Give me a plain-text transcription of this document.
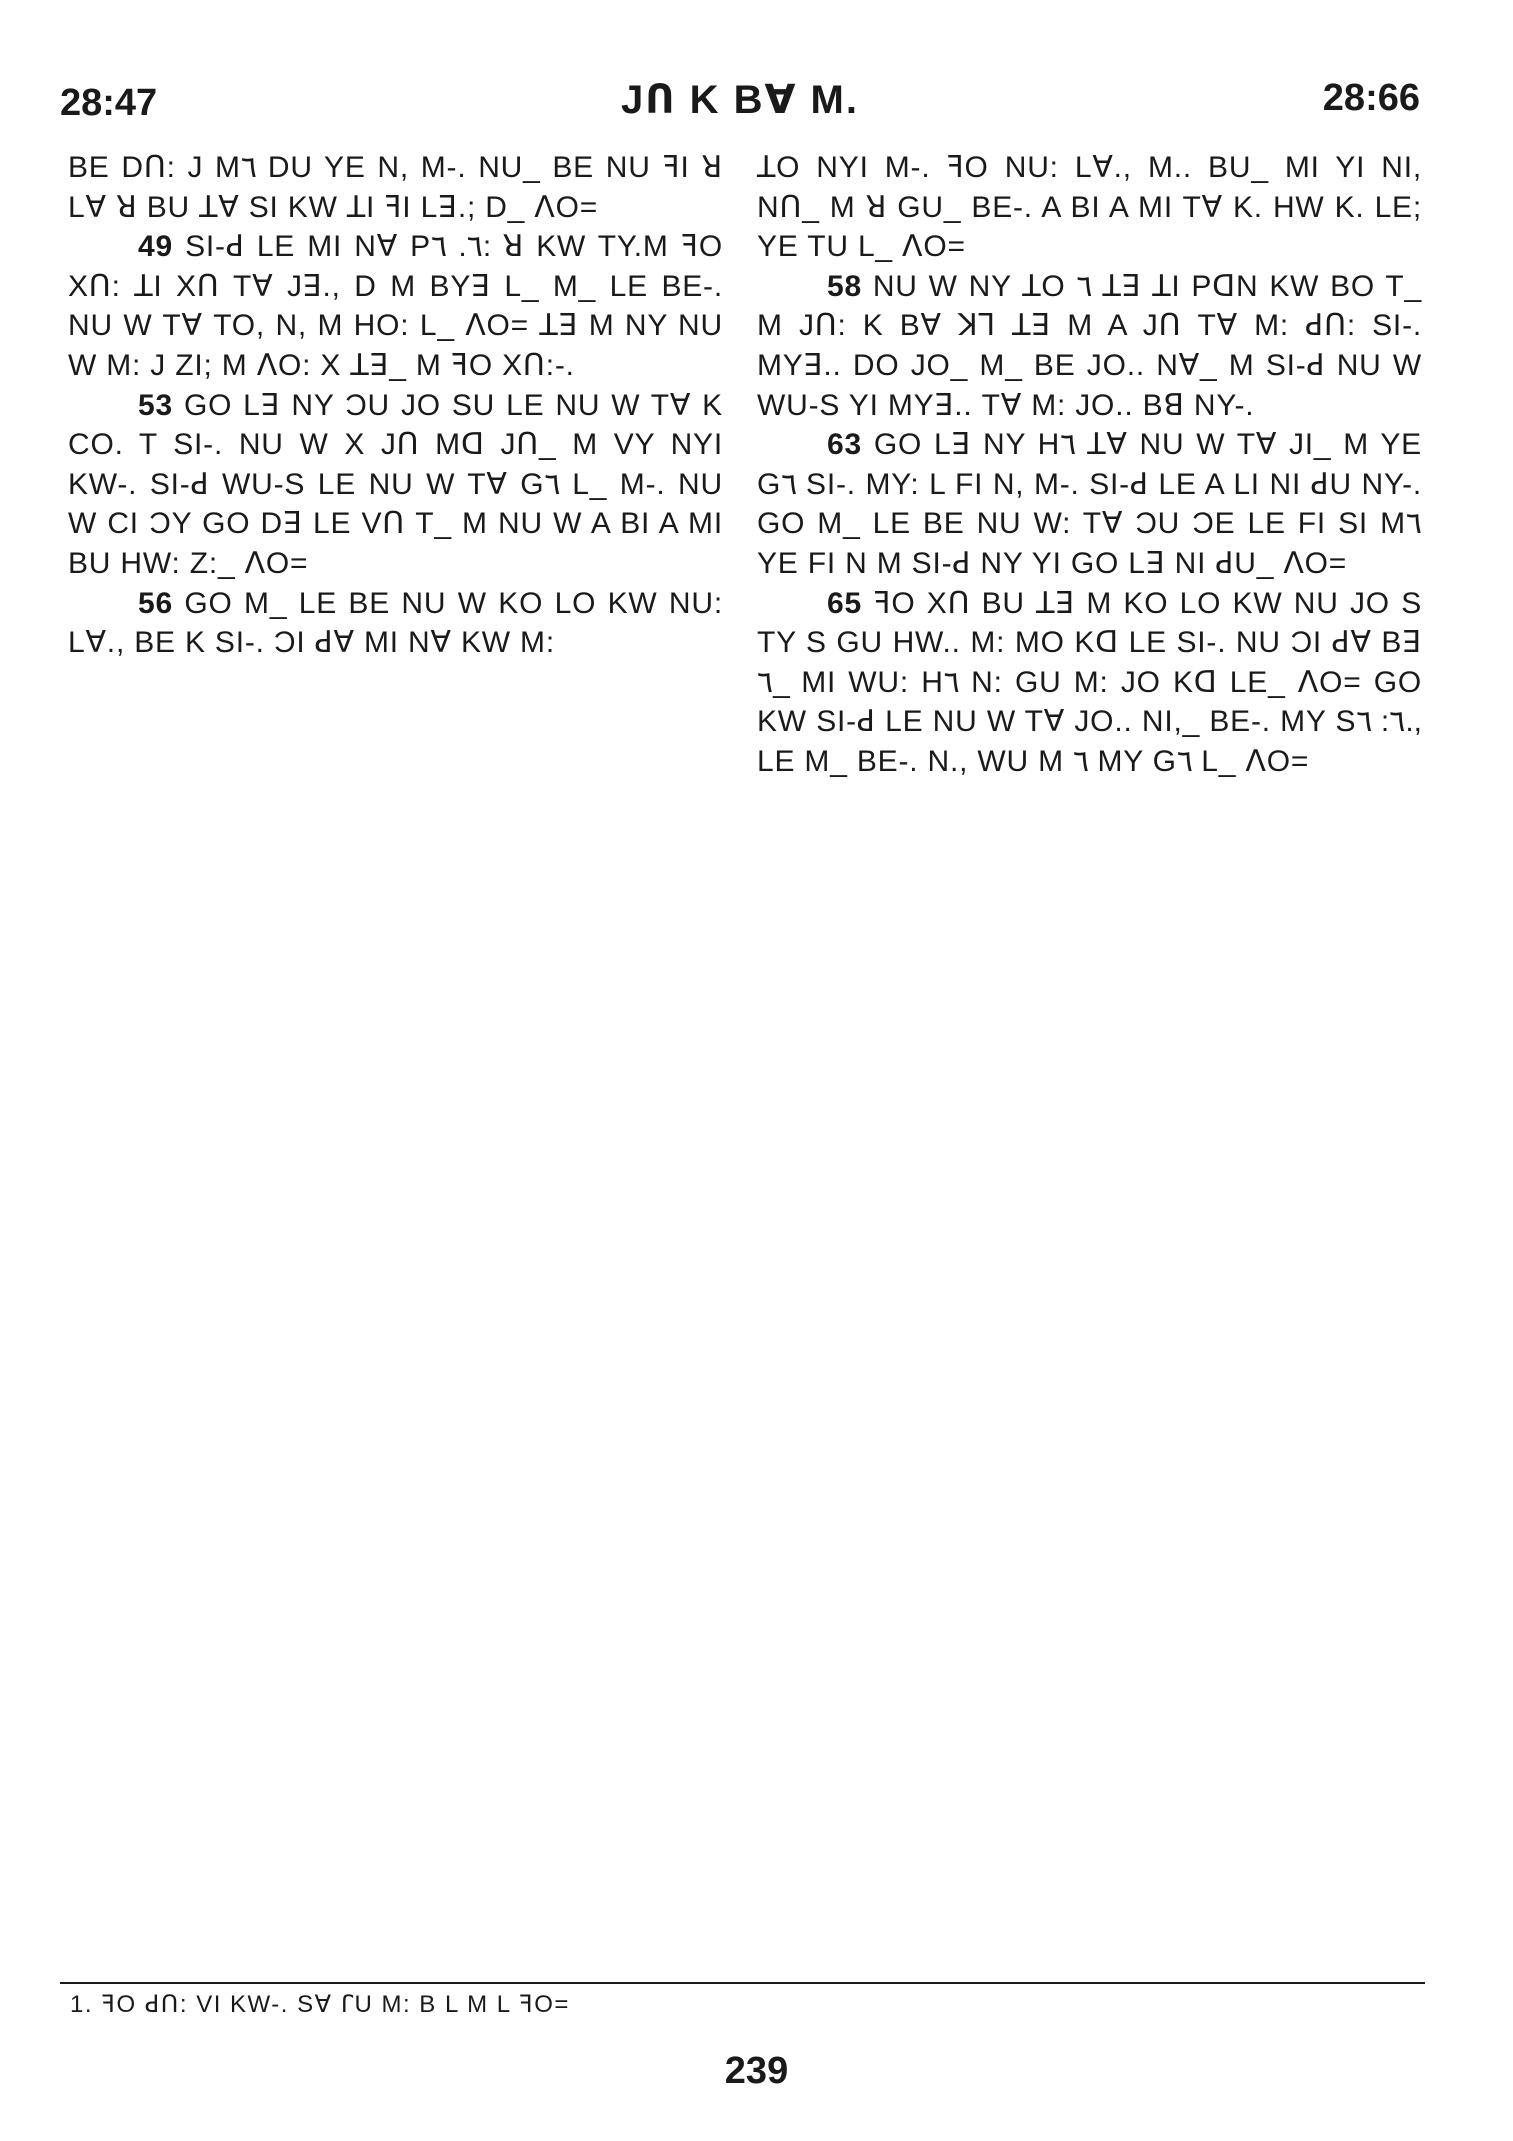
28:47	JՈ K Bꓯ M.	28:66

BE DՈ: J M٦ DU YE N, M-. NU_ BE NU ꟻI ꓤ Lꓯ ꓤ BU ꓕꓯ SI KW ꓕI ꟻI Lꓱ.; D_ ꓥO=

49 SI-ꓒ LE MI Nꓯ P٦. ٦: ꓤ KW TY.M ꟻO XՈ: ꓕI XՈ Tꓯ Jꓱ., D M BYꓱ L_ M_ LE BE-. NU W Tꓯ TO, N, M HO: L_ ꓥO= ꓕꓱ M NY NU W M: J ZI; M ꓥO: X ꓕꓱ_ M ꟻO XՈ:-.

53 GO Lꓱ NY ƆU JO SU LE NU W Tꓯ K CO. T SI-. NU W X JՈ Mꓷ JՈ_ M VY NYI KW-. SI-ꓒ WU-S LE NU W Tꓯ G٦ L_ M-. NU W CI ƆY GO Dꓱ LE VՈ T_ M NU W A BI A MI BU HW: Z:_ ꓥO=

56 GO M_ LE BE NU W KO LO KW NU: Lꓯ., BE K SI-. ƆI ꓒꓯ MI Nꓯ KW M:

ꓕO NYI M-. ꟻO NU: Lꓯ., M.. BU_ MI YI NI, NՈ_ M ꓤ GU_ BE-. A BI A MI Tꓯ K. HW K. LE; YE TU L_ ꓥO=

58 NU W NY ꓕO ٦ ꓕꓱ ꓕI PꓷN KW BO T_ M JՈ: K Bꓯ ꓘꓶ ꓕꓱ M A JՈ Tꓯ M: ꓒՈ: SI-. MYꓱ.. DO JO_ M_ BE JO.. Nꓯ_ M SI-ꓒ NU W WU-S YI MYꓱ.. Tꓯ M: JO.. Bꓭ NY-.

63 GO Lꓱ NY H٦ ꓕꓯ NU W Tꓯ JI_ M YE G٦ SI-. MY: L FI N, M-. SI-ꓒ LE A LI NI ꓒU NY-. GO M_ LE BE NU W: Tꓯ ƆU ƆE LE FI SI M٦ YE FI N M SI-ꓒ NY YI GO Lꓱ NI ꓒU_ ꓥO=

65 ꟻO XՈ BU ꓕꓱ M KO LO KW NU JO S TY S GU HW.. M: MO Kꓷ LE SI-. NU ƆI ꓒꓯ Bꓱ ٦_ MI WU: H٦ N: GU M: JO Kꓷ LE_ ꓥO= GO KW SI-ꓒ LE NU W Tꓯ JO.. NI,_ BE-. MY S٦: ٦., LE M_ BE-. N., WU M ٦ MY G٦ L_ ꓥO=

1. ꟻO ꓒՈ: VI KW-. Sꓯ ꓩU M: B L M L ꟻO=
239
